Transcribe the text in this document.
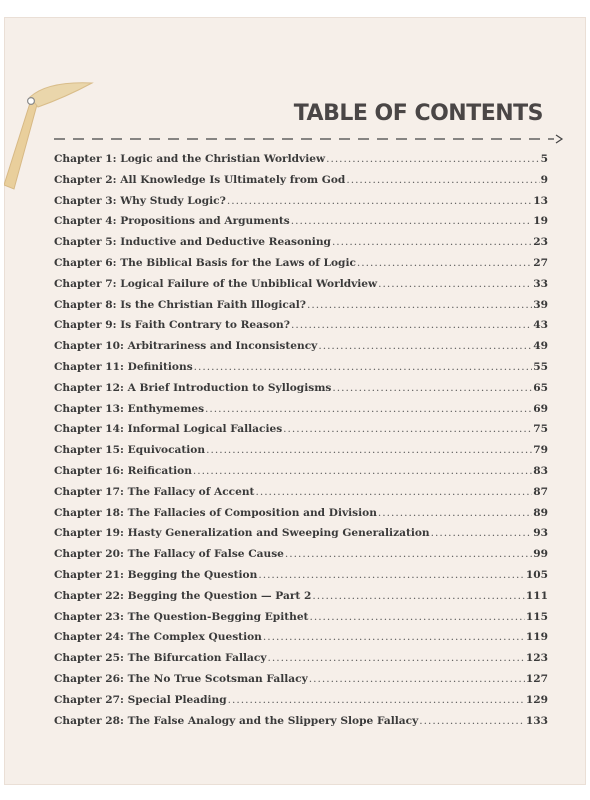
TABLE OF CONTENTS
Chapter 1: Logic and the Christian Worldview .....	5
Chapter 2: All Knowledge Is Ultimately from God .....	9
Chapter 3: Why Study Logic? .....	13
Chapter 4: Propositions and Arguments .....	19
Chapter 5: Inductive and Deductive Reasoning .....	23
Chapter 6: The Biblical Basis for the Laws of Logic .....	27
Chapter 7: Logical Failure of the Unbiblical Worldview .....	33
Chapter 8: Is the Christian Faith Illogical? .....	39
Chapter 9: Is Faith Contrary to Reason? .....	43
Chapter 10: Arbitrariness and Inconsistency .....	49
Chapter 11: Definitions .....	55
Chapter 12: A Brief Introduction to Syllogisms .....	65
Chapter 13: Enthymemes .....	69
Chapter 14: Informal Logical Fallacies .....	75
Chapter 15: Equivocation .....	79
Chapter 16: Reification .....	83
Chapter 17: The Fallacy of Accent .....	87
Chapter 18: The Fallacies of Composition and Division .....	89
Chapter 19: Hasty Generalization and Sweeping Generalization .....	93
Chapter 20: The Fallacy of False Cause .....	99
Chapter 21: Begging the Question .....	105
Chapter 22: Begging the Question — Part 2 .....	111
Chapter 23: The Question-Begging Epithet .....	115
Chapter 24: The Complex Question .....	119
Chapter 25: The Bifurcation Fallacy .....	123
Chapter 26: The No True Scotsman Fallacy .....	127
Chapter 27: Special Pleading .....	129
Chapter 28: The False Analogy and the Slippery Slope Fallacy .....	133
